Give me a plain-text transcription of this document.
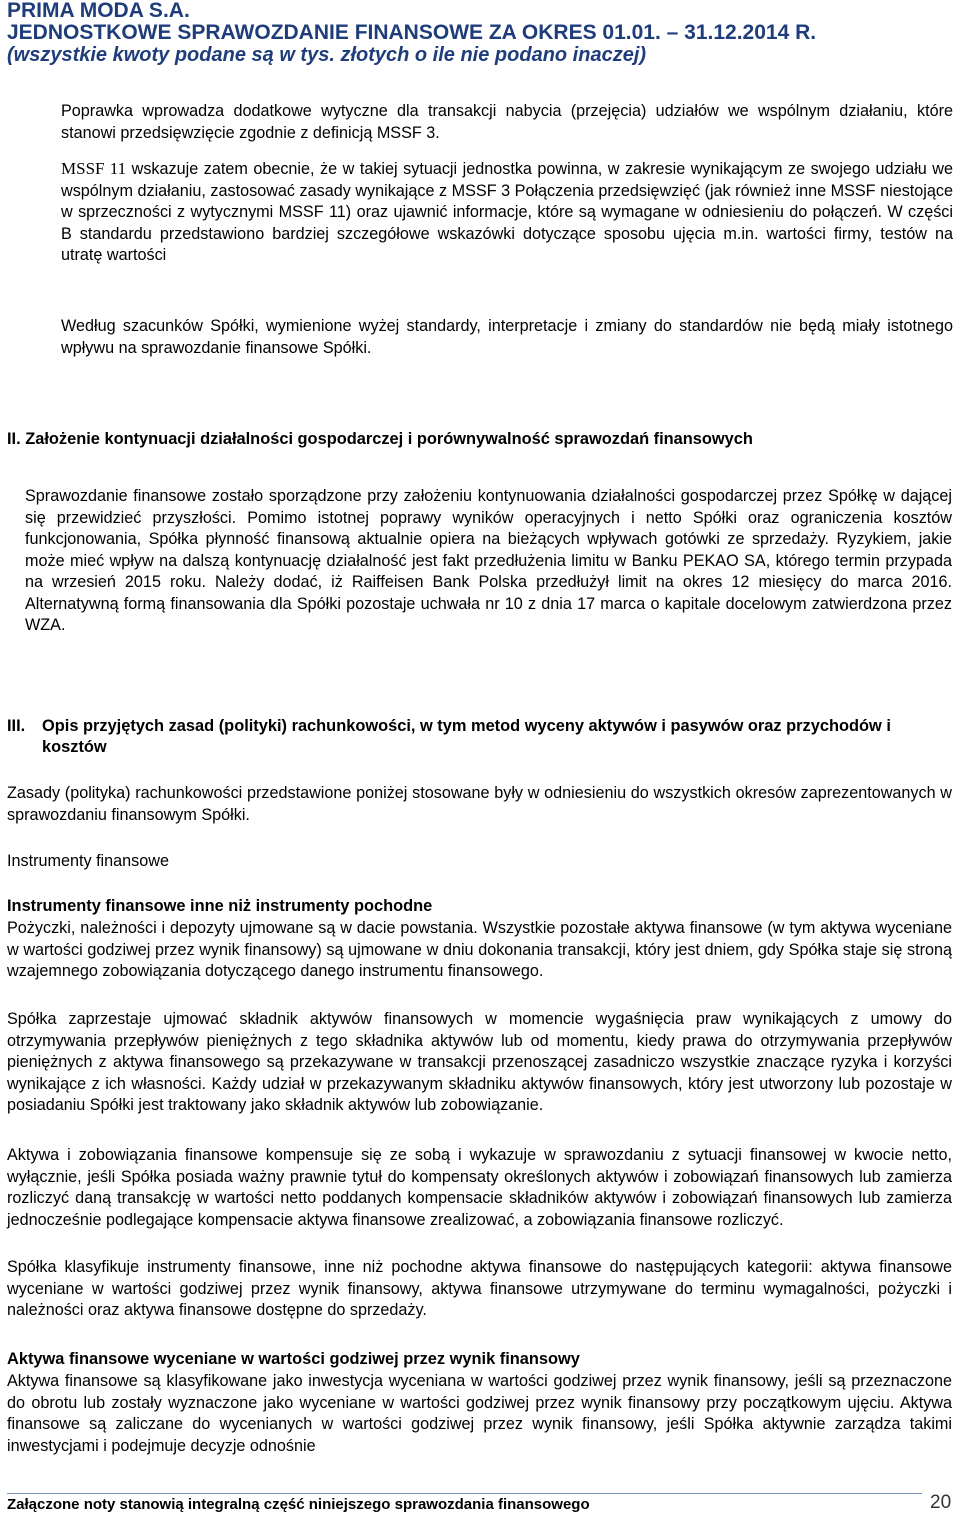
PRIMA MODA S.A.
JEDNOSTKOWE SPRAWOZDANIE FINANSOWE ZA OKRES 01.01. – 31.12.2014 R.
(wszystkie kwoty podane są w tys. złotych o ile nie podano inaczej)
Poprawka wprowadza dodatkowe wytyczne dla transakcji nabycia (przejęcia) udziałów we wspólnym działaniu, które stanowi przedsięwzięcie zgodnie z definicją MSSF 3.
MSSF 11 wskazuje zatem obecnie, że w takiej sytuacji jednostka powinna, w zakresie wynikającym ze swojego udziału we wspólnym działaniu, zastosować zasady wynikające z MSSF 3 Połączenia przedsięwzięć (jak również inne MSSF niestojące w sprzeczności z wytycznymi MSSF 11) oraz ujawnić informacje, które są wymagane w odniesieniu do połączeń. W części B standardu przedstawiono bardziej szczegółowe wskazówki dotyczące sposobu ujęcia m.in. wartości firmy, testów na utratę wartości
Według szacunków Spółki, wymienione wyżej standardy, interpretacje i zmiany do standardów nie będą miały istotnego wpływu na sprawozdanie finansowe Spółki.
II. Założenie kontynuacji działalności gospodarczej i porównywalność sprawozdań finansowych
Sprawozdanie finansowe zostało sporządzone przy założeniu kontynuowania działalności gospodarczej przez Spółkę w dającej się przewidzieć przyszłości. Pomimo istotnej poprawy wyników operacyjnych i netto Spółki oraz ograniczenia kosztów funkcjonowania, Spółka płynność finansową aktualnie opiera na bieżących wpływach gotówki ze sprzedaży. Ryzykiem, jakie może mieć wpływ na dalszą kontynuację działalność jest fakt przedłużenia limitu w Banku PEKAO SA, którego termin przypada na wrzesień 2015 roku. Należy dodać, iż Raiffeisen Bank Polska przedłużył limit na okres 12 miesięcy do marca 2016. Alternatywną formą finansowania dla Spółki pozostaje uchwała nr 10 z dnia 17 marca o kapitale docelowym zatwierdzona przez WZA.
III. Opis przyjętych zasad (polityki) rachunkowości, w tym metod wyceny aktywów i pasywów oraz przychodów i kosztów
Zasady (polityka) rachunkowości przedstawione poniżej stosowane były w odniesieniu do wszystkich okresów zaprezentowanych w sprawozdaniu finansowym Spółki.
Instrumenty finansowe
Instrumenty finansowe inne niż instrumenty pochodne
Pożyczki, należności i depozyty ujmowane są w dacie powstania. Wszystkie pozostałe aktywa finansowe (w tym aktywa wyceniane w wartości godziwej przez wynik finansowy) są ujmowane w dniu dokonania transakcji, który jest dniem, gdy Spółka staje się stroną wzajemnego zobowiązania dotyczącego danego instrumentu finansowego.
Spółka zaprzestaje ujmować składnik aktywów finansowych w momencie wygaśnięcia praw wynikających z umowy do otrzymywania przepływów pieniężnych z tego składnika aktywów lub od momentu, kiedy prawa do otrzymywania przepływów pieniężnych z aktywa finansowego są przekazywane w transakcji przenoszącej zasadniczo wszystkie znaczące ryzyka i korzyści wynikające z ich własności. Każdy udział w przekazywanym składniku aktywów finansowych, który jest utworzony lub pozostaje w posiadaniu Spółki jest traktowany jako składnik aktywów lub zobowiązanie.
Aktywa i zobowiązania finansowe kompensuje się ze sobą i wykazuje w sprawozdaniu z sytuacji finansowej w kwocie netto, wyłącznie, jeśli Spółka posiada ważny prawnie tytuł do kompensaty określonych aktywów i zobowiązań finansowych lub zamierza rozliczyć daną transakcję w wartości netto poddanych kompensacie składników aktywów i zobowiązań finansowych lub zamierza jednocześnie podlegające kompensacie aktywa finansowe zrealizować, a zobowiązania finansowe rozliczyć.
Spółka klasyfikuje instrumenty finansowe, inne niż pochodne aktywa finansowe do następujących kategorii: aktywa finansowe wyceniane w wartości godziwej przez wynik finansowy, aktywa finansowe utrzymywane do terminu wymagalności, pożyczki i należności oraz aktywa finansowe dostępne do sprzedaży.
Aktywa finansowe wyceniane w wartości godziwej przez wynik finansowy
Aktywa finansowe są klasyfikowane jako inwestycja wyceniana w wartości godziwej przez wynik finansowy, jeśli są przeznaczone do obrotu lub zostały wyznaczone jako wyceniane w wartości godziwej przez wynik finansowy przy początkowym ujęciu. Aktywa finansowe są zaliczane do wycenianych w wartości godziwej przez wynik finansowy, jeśli Spółka aktywnie zarządza takimi inwestycjami i podejmuje decyzje odnośnie
Załączone noty stanowią integralną część niniejszego sprawozdania finansowego	20
